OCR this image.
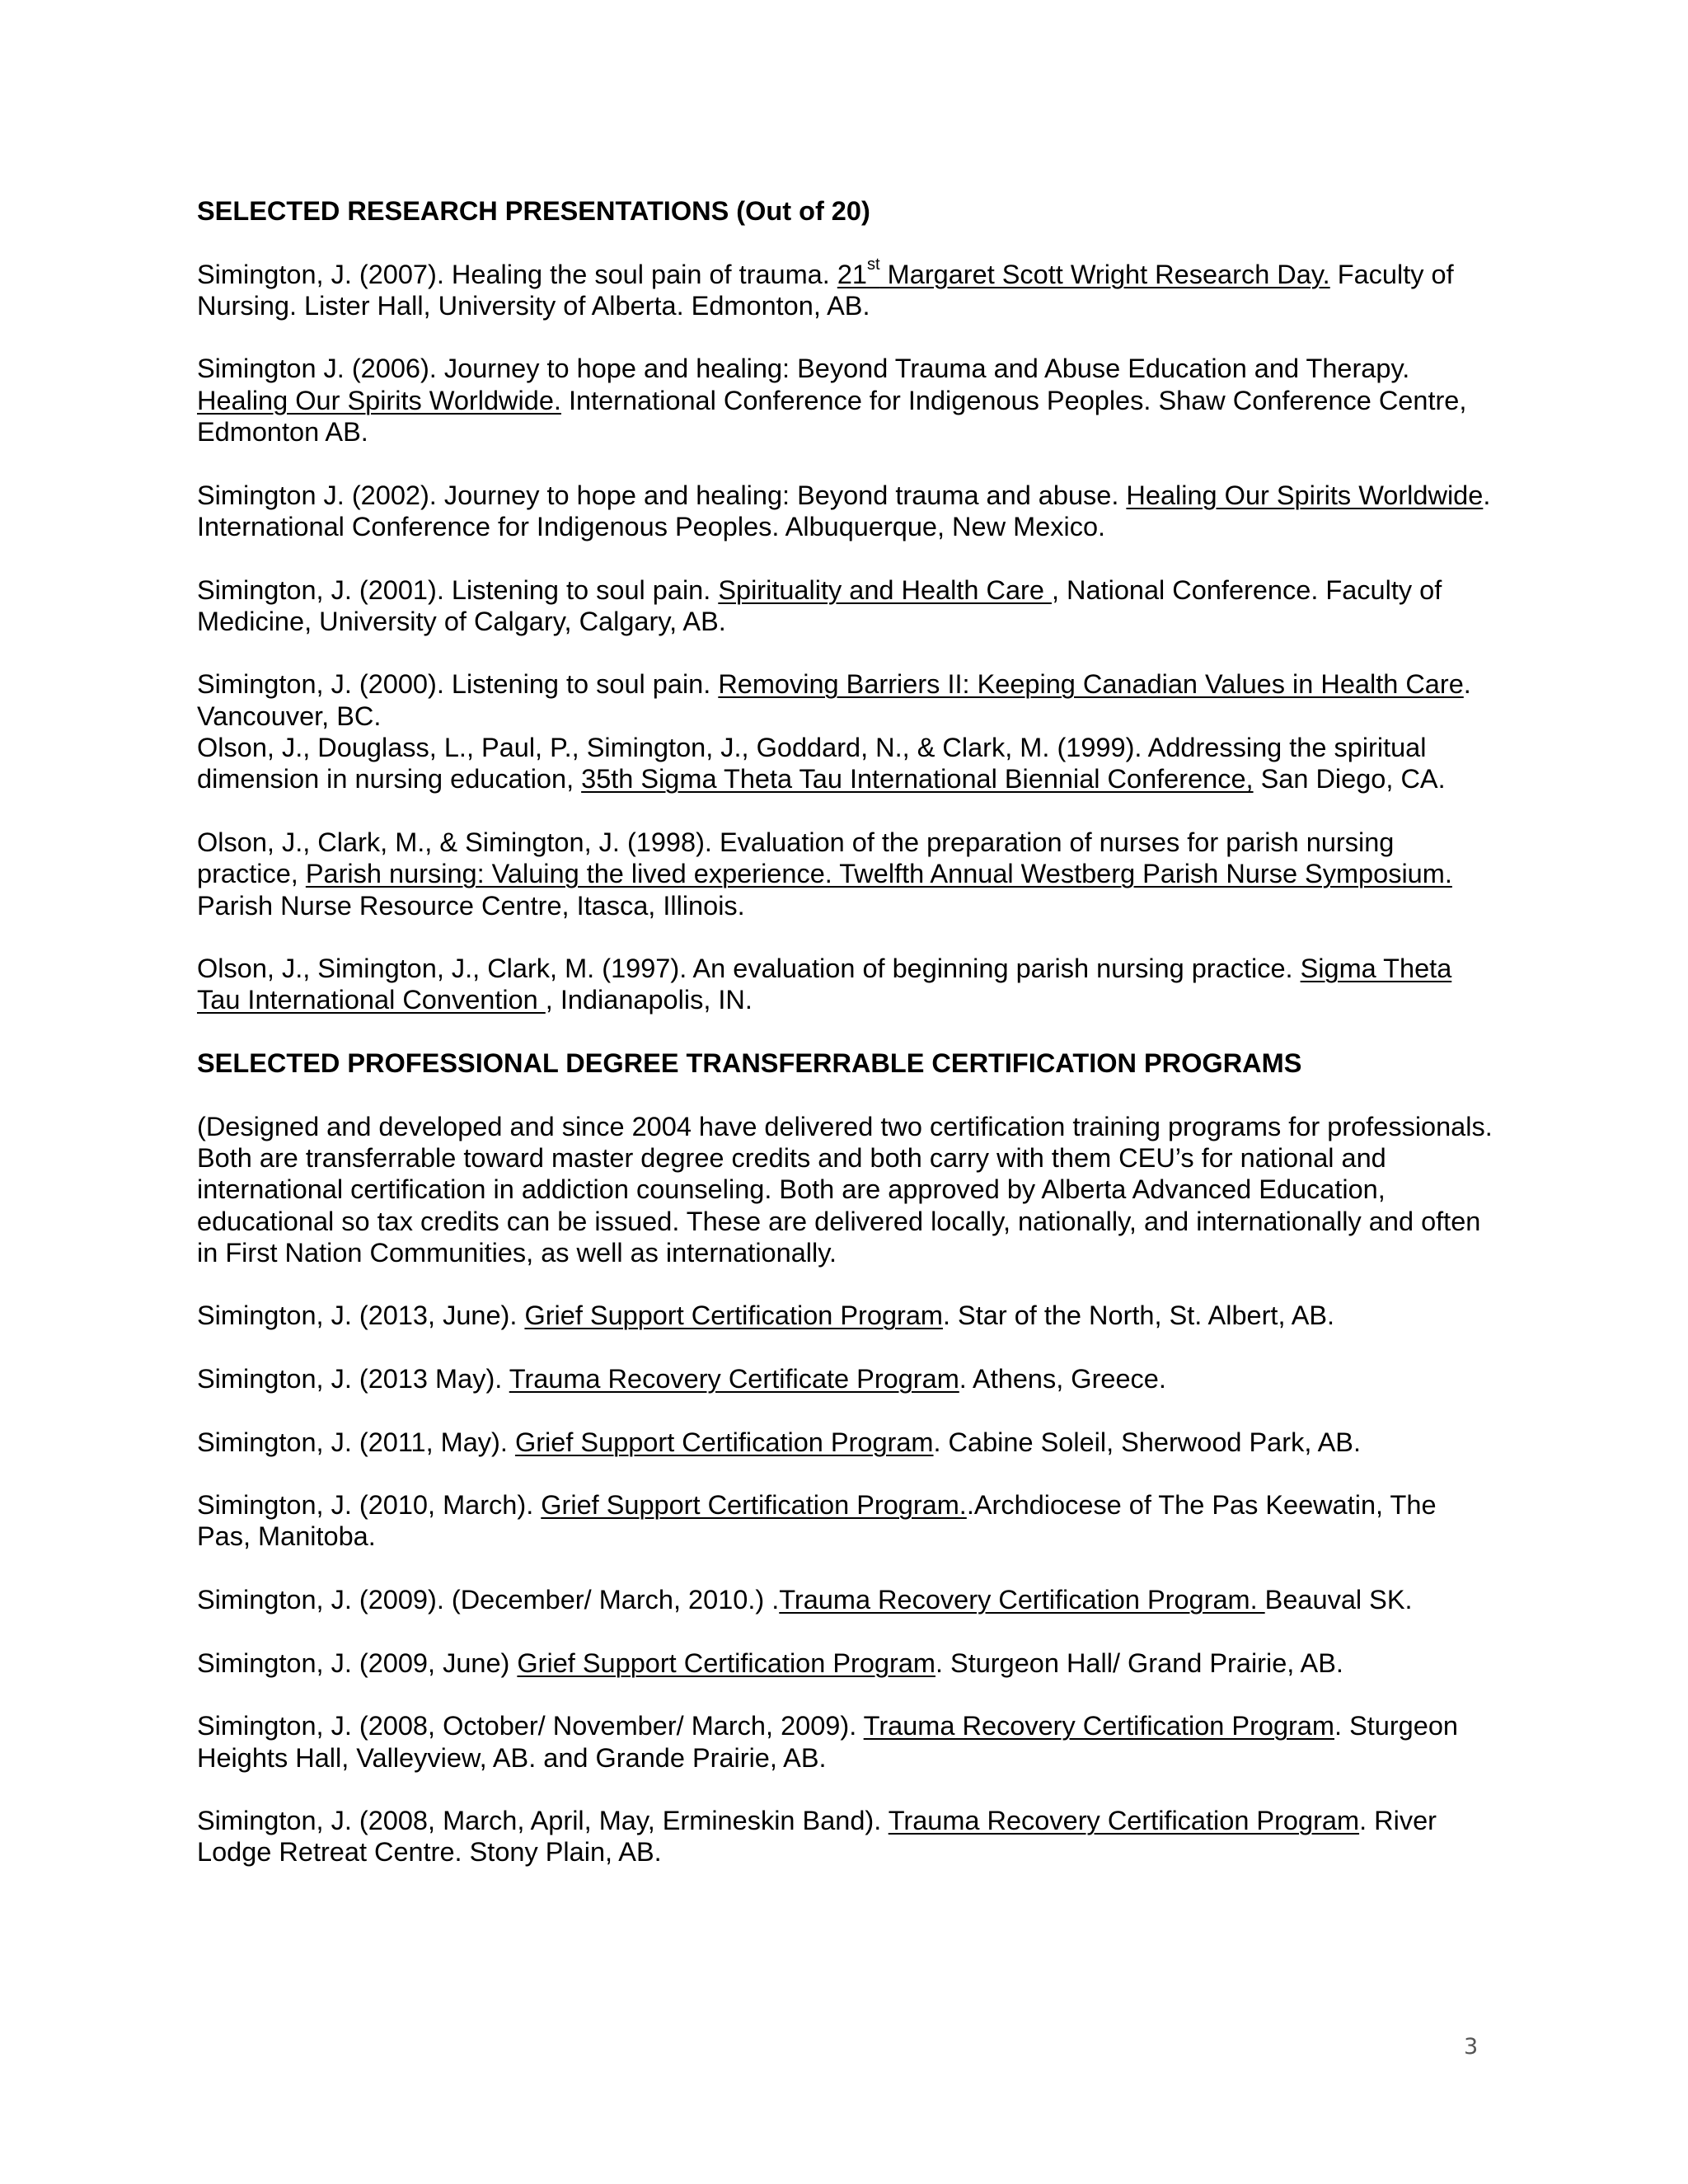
SELECTED RESEARCH PRESENTATIONS (Out of 20)

Simington, J. (2007). Healing the soul pain of trauma. 21st Margaret Scott Wright Research Day. Faculty of Nursing. Lister Hall, University of Alberta. Edmonton, AB.

Simington J. (2006). Journey to hope and healing: Beyond Trauma and Abuse Education and Therapy. Healing Our Spirits Worldwide. International Conference for Indigenous Peoples. Shaw Conference Centre, Edmonton AB.

Simington J. (2002). Journey to hope and healing: Beyond trauma and abuse. Healing Our Spirits Worldwide. International Conference for Indigenous Peoples. Albuquerque, New Mexico.

Simington, J. (2001). Listening to soul pain. Spirituality and Health Care , National Conference. Faculty of Medicine, University of Calgary, Calgary, AB.

Simington, J. (2000). Listening to soul pain. Removing Barriers II: Keeping Canadian Values in Health Care. Vancouver, BC.

Olson, J., Douglass, L., Paul, P., Simington, J., Goddard, N., & Clark, M. (1999). Addressing the spiritual dimension in nursing education, 35th Sigma Theta Tau International Biennial Conference, San Diego, CA.

Olson, J., Clark, M., & Simington, J. (1998). Evaluation of the preparation of nurses for parish nursing practice, Parish nursing: Valuing the lived experience. Twelfth Annual Westberg Parish Nurse Symposium. Parish Nurse Resource Centre, Itasca, Illinois.

Olson, J., Simington, J., Clark, M. (1997). An evaluation of beginning parish nursing practice. Sigma Theta Tau International Convention , Indianapolis, IN.

SELECTED PROFESSIONAL DEGREE TRANSFERRABLE CERTIFICATION PROGRAMS

(Designed and developed and since 2004 have delivered two certification training programs for professionals. Both are transferrable toward master degree credits and both carry with them CEU’s for national and international certification in addiction counseling. Both are approved by Alberta Advanced Education, educational so tax credits can be issued. These are delivered locally, nationally, and internationally and often in First Nation Communities, as well as internationally.

Simington, J. (2013, June). Grief Support Certification Program. Star of the North, St. Albert, AB.

Simington, J. (2013 May). Trauma Recovery Certificate Program. Athens, Greece.

Simington, J. (2011, May). Grief Support Certification Program. Cabine Soleil, Sherwood Park, AB.

Simington, J. (2010, March). Grief Support Certification Program..Archdiocese of The Pas Keewatin, The Pas, Manitoba.

Simington, J. (2009). (December/ March, 2010.) .Trauma Recovery Certification Program. Beauval SK.

Simington, J. (2009, June) Grief Support Certification Program. Sturgeon Hall/ Grand Prairie, AB.

Simington, J. (2008, October/ November/ March, 2009). Trauma Recovery Certification Program. Sturgeon Heights Hall, Valleyview, AB. and Grande Prairie, AB.

Simington, J. (2008, March, April, May, Ermineskin Band). Trauma Recovery Certification Program. River Lodge Retreat Centre. Stony Plain, AB.

3
